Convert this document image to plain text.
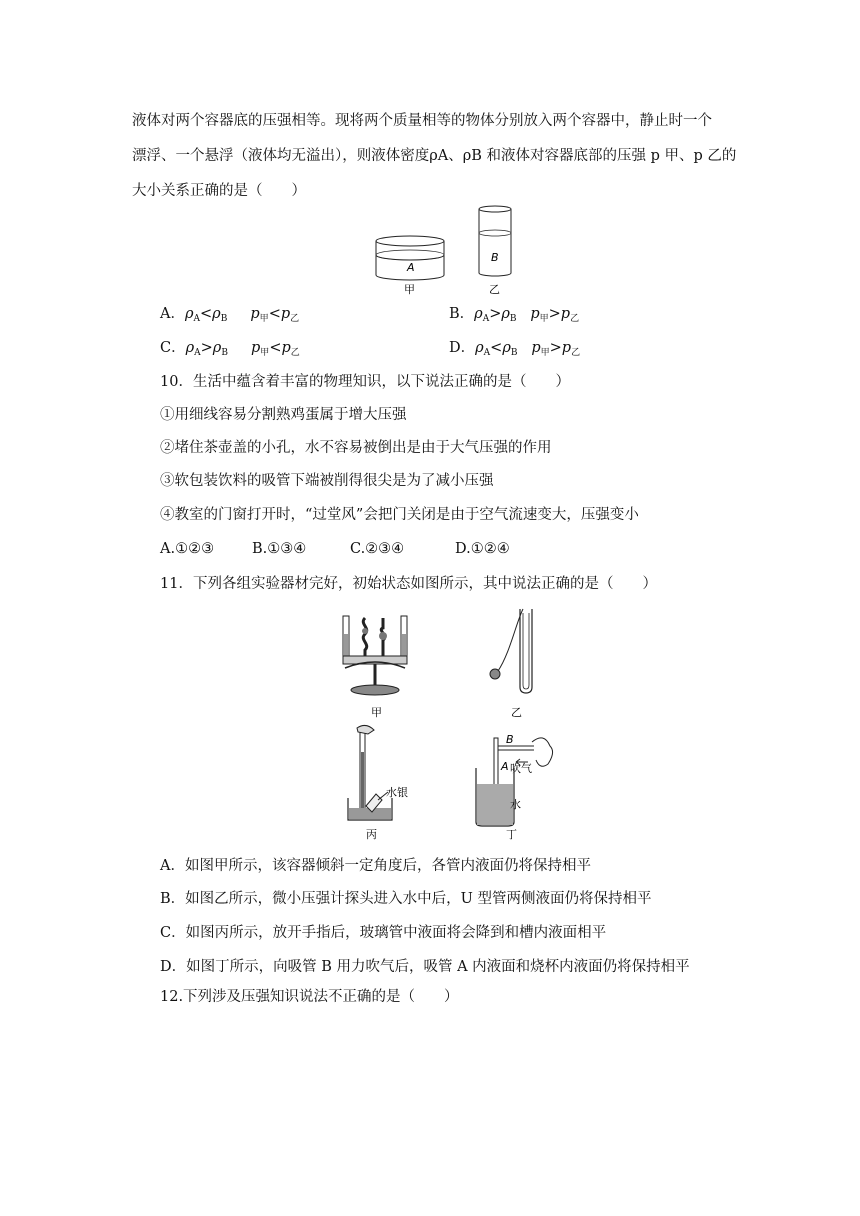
液体对两个容器底的压强相等。现将两个质量相等的物体分别放入两个容器中，静止时一个
漂浮、一个悬浮（液体均无溢出），则液体密度ρA、ρB 和液体对容器底部的压强 p 甲、p 乙的
大小关系正确的是（　　）
A
B
甲	乙
A．$\rho_A<\rho_B$ $p_甲<p_乙$	B．$\rho_A>\rho_B$ $p_甲>p_乙$
C．$\rho_A>\rho_B$ $p_甲<p_乙$	D．$\rho_A<\rho_B$ $p_甲>p_乙$
10．生活中蕴含着丰富的物理知识，以下说法正确的是（　　）
①用细线容易分割熟鸡蛋属于增大压强
②堵住茶壶盖的小孔，水不容易被倒出是由于大气压强的作用
③软包装饮料的吸管下端被削得很尖是为了减小压强
④教室的门窗打开时，“过堂风”会把门关闭是由于空气流速变大，压强变小
A.①②③	B.①③④	C.②③④	D.①②④
11．下列各组实验器材完好，初始状态如图所示，其中说法正确的是（　　）
甲	乙
水银
丙
B
A 吹气
水
丁
A．如图甲所示，该容器倾斜一定角度后，各管内液面仍将保持相平
B．如图乙所示，微小压强计探头进入水中后，U 型管两侧液面仍将保持相平
C．如图丙所示，放开手指后，玻璃管中液面将会降到和槽内液面相平
D．如图丁所示，向吸管 B 用力吹气后，吸管 A 内液面和烧杯内液面仍将保持相平
12.下列涉及压强知识说法不正确的是（　　）
